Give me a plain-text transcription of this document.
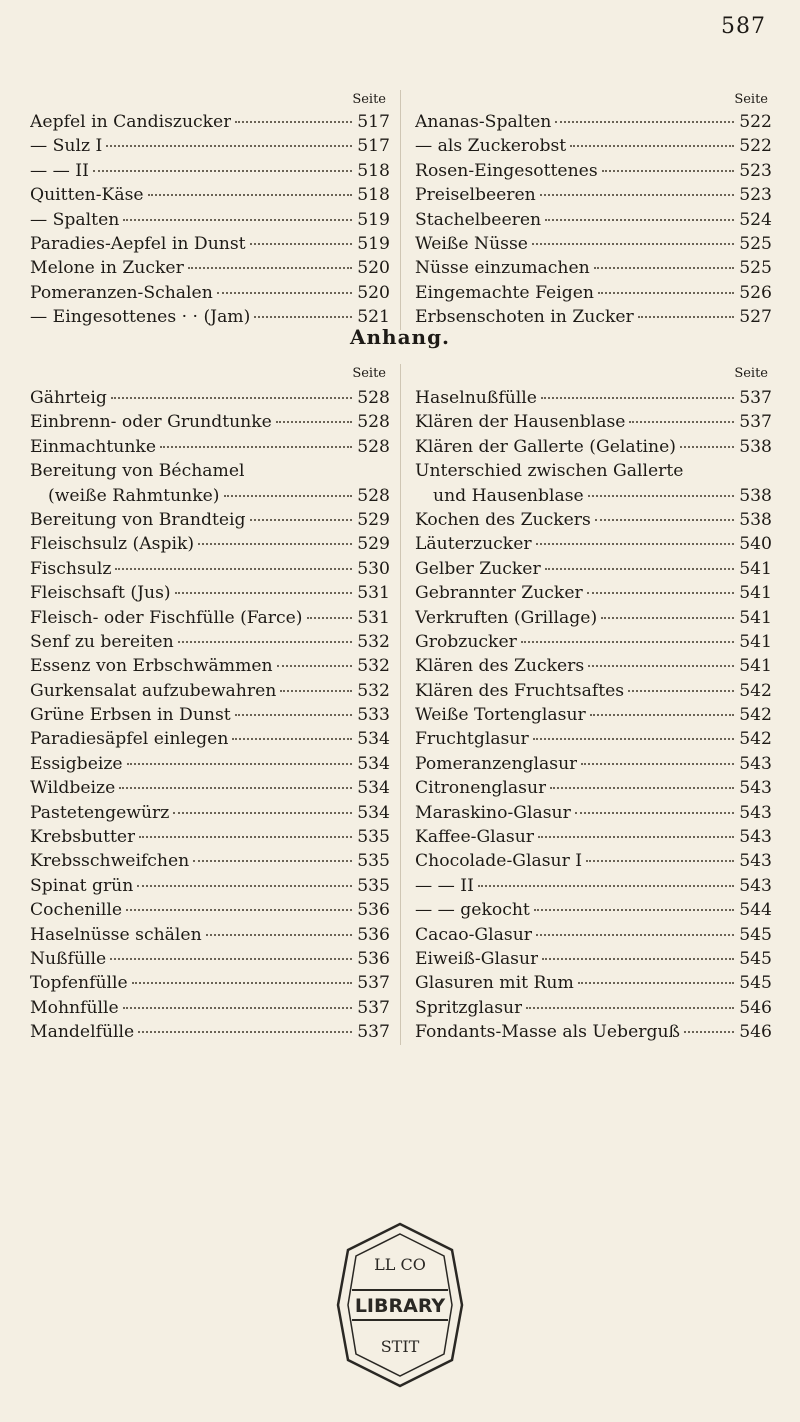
587
Seite
Aepfel in Candiszucker	517
— Sulz I	517
— — II	518
Quitten-Käse	518
— Spalten	519
Paradies-Aepfel in Dunst	519
Melone in Zucker	520
Pomeranzen-Schalen	520
— Eingesottenes · · (Jam)	521
Seite
Ananas-Spalten	522
— als Zuckerobst	522
Rosen-Eingesottenes	523
Preiselbeeren	523
Stachelbeeren	524
Weiße Nüsse	525
Nüsse einzumachen	525
Eingemachte Feigen	526
Erbsenschoten in Zucker	527
Anhang.
Seite
Gährteig	528
Einbrenn- oder Grundtunke	528
Einmachtunke	528
Bereitung von Béchamel
(weiße Rahmtunke)	528
Bereitung von Brandteig	529
Fleischsulz (Aspik)	529
Fischsulz	530
Fleischsaft (Jus)	531
Fleisch- oder Fischfülle (Farce)	531
Senf zu bereiten	532
Essenz von Erbschwämmen	532
Gurkensalat aufzubewahren	532
Grüne Erbsen in Dunst	533
Paradiesäpfel einlegen	534
Essigbeize	534
Wildbeize	534
Pastetengewürz	534
Krebsbutter	535
Krebsschweifchen	535
Spinat grün	535
Cochenille	536
Haselnüsse schälen	536
Nußfülle	536
Topfenfülle	537
Mohnfülle	537
Mandelfülle	537
Seite
Haselnußfülle	537
Klären der Hausenblase	537
Klären der Gallerte (Gelatine)	538
Unterschied zwischen Gallerte
und Hausenblase	538
Kochen des Zuckers	538
Läuterzucker	540
Gelber Zucker	541
Gebrannter Zucker	541
Verkruften (Grillage)	541
Grobzucker	541
Klären des Zuckers	541
Klären des Fruchtsaftes	542
Weiße Tortenglasur	542
Fruchtglasur	542
Pomeranzenglasur	543
Citronenglasur	543
Maraskino-Glasur	543
Kaffee-Glasur	543
Chocolade-Glasur I	543
— — II	543
— — gekocht	544
Cacao-Glasur	545
Eiweiß-Glasur	545
Glasuren mit Rum	545
Spritzglasur	546
Fondants-Masse als Ueberguß	546
LL CO
LIBRARY
STIT
